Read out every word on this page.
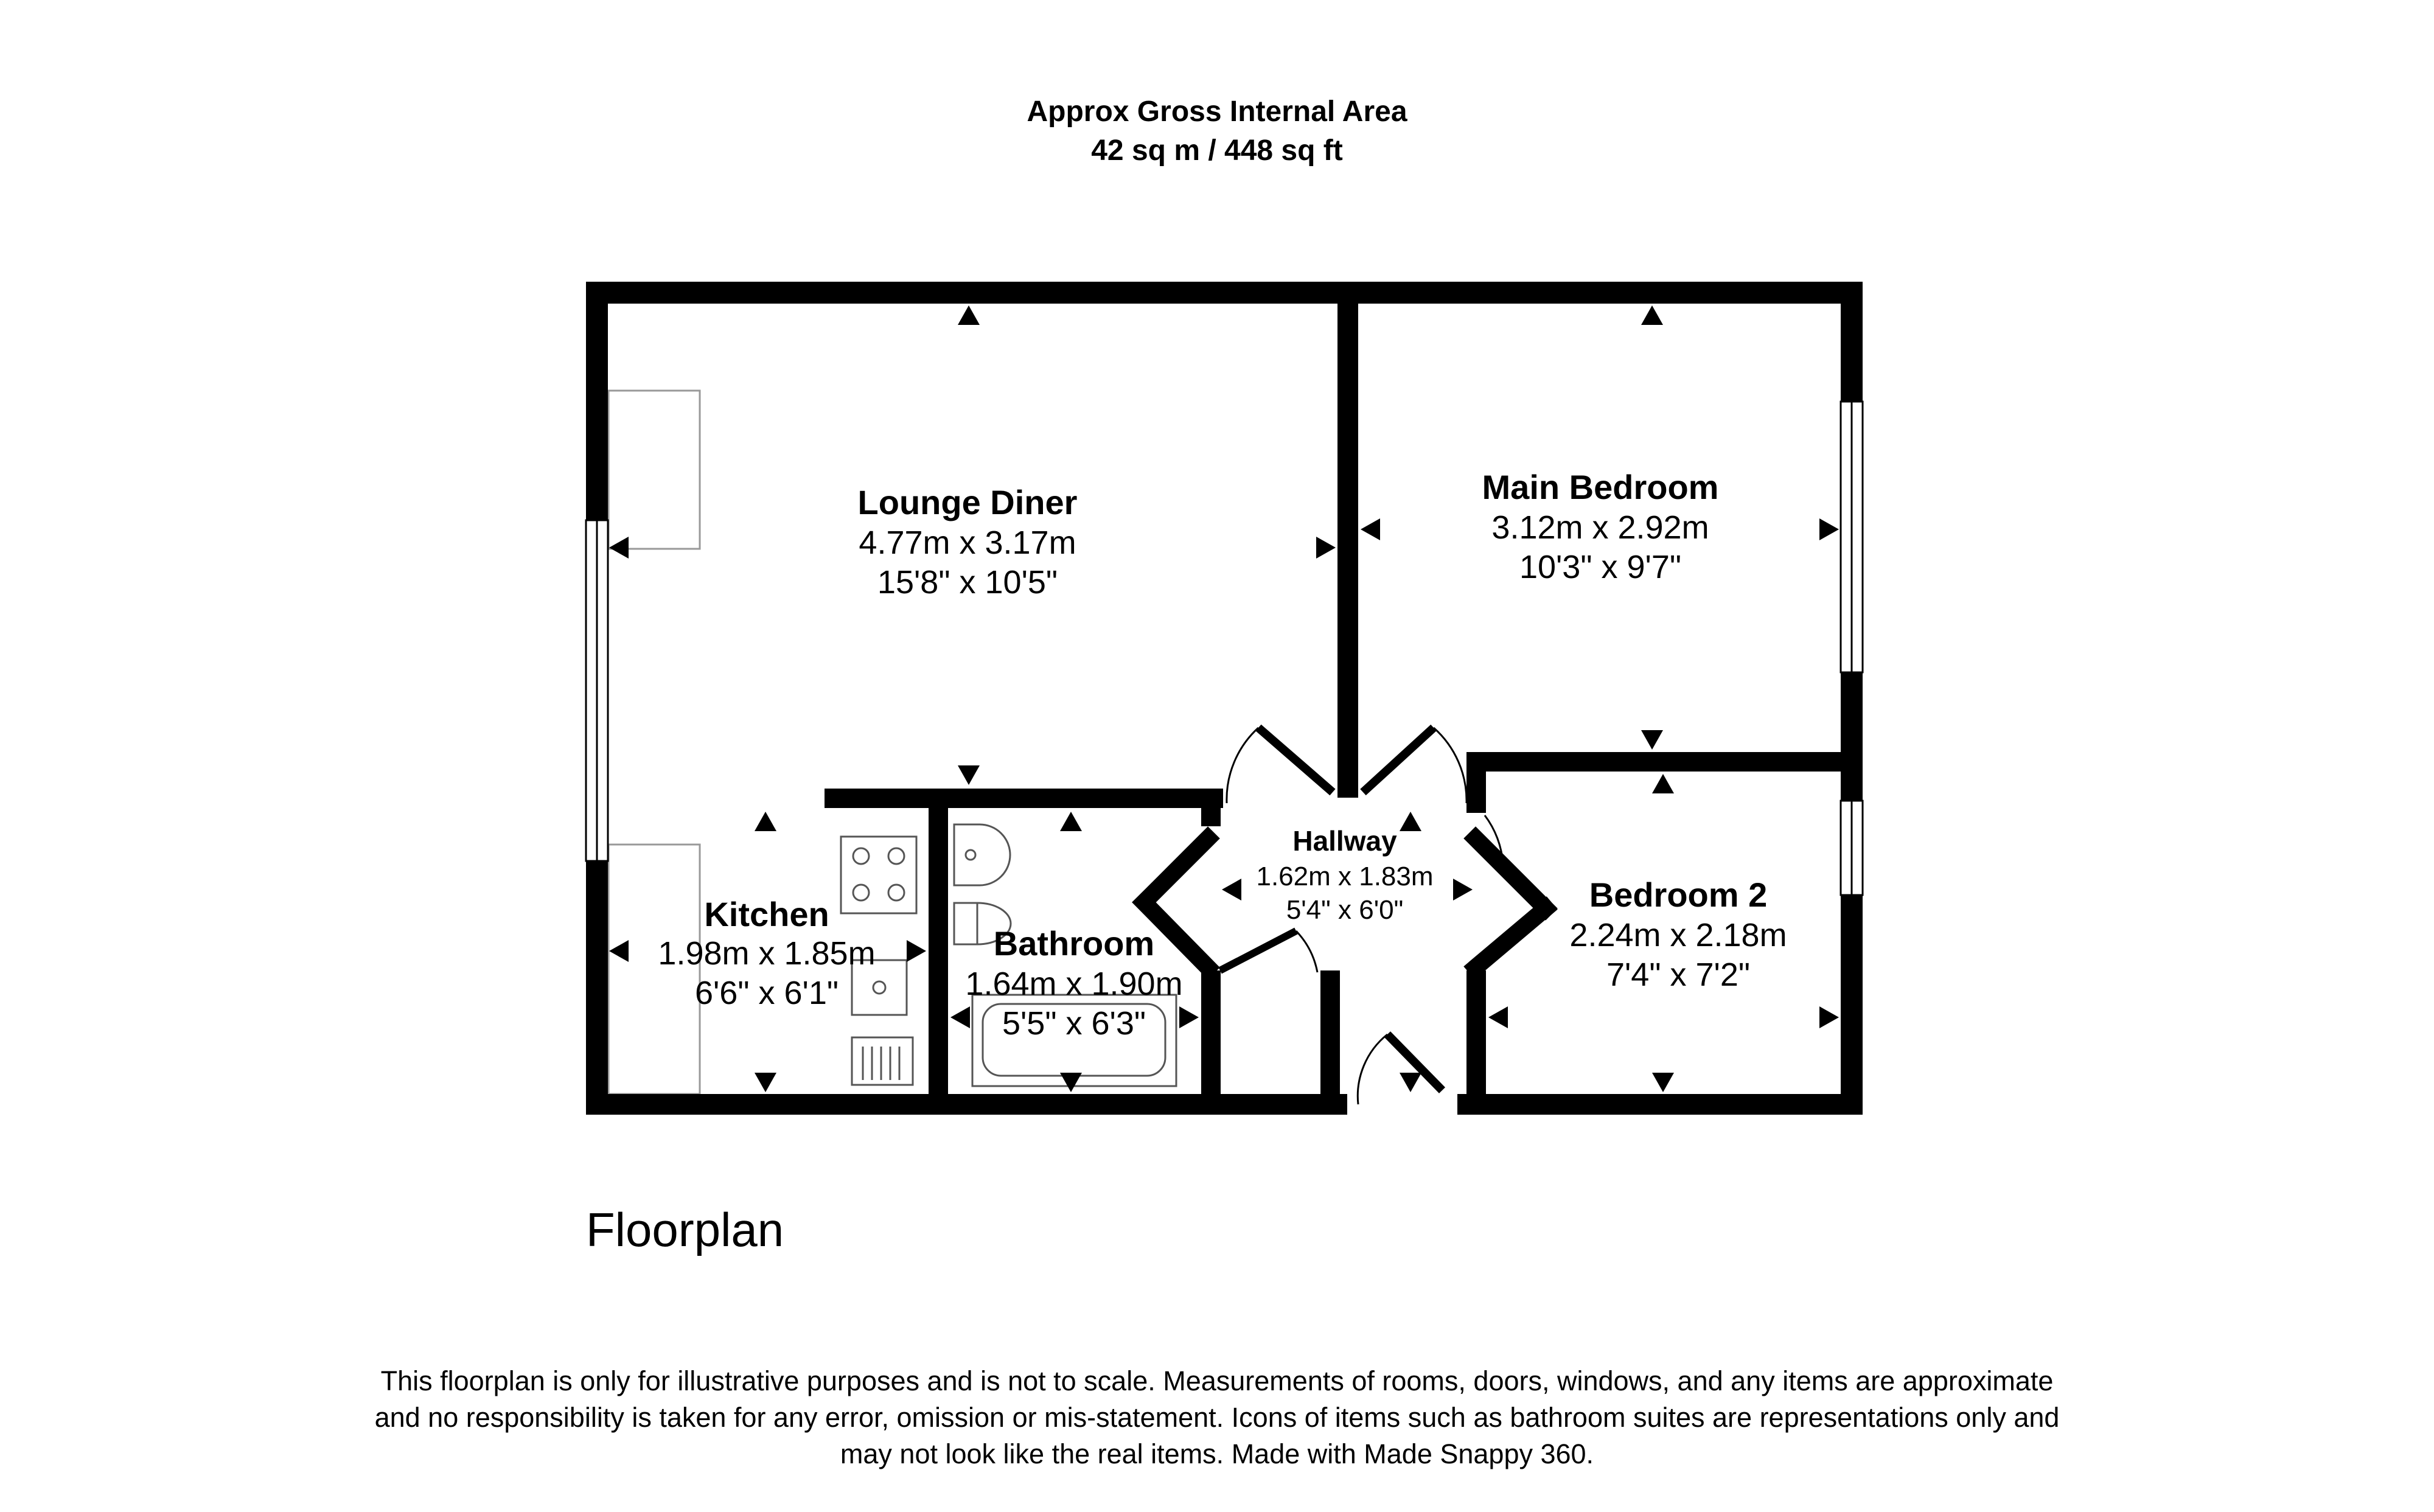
Approx Gross Internal Area
42 sq m / 448 sq ft
Lounge Diner
4.77m x 3.17m
15'8" x 10'5"
Main Bedroom
3.12m x 2.92m
10'3" x 9'7"
Hallway
1.62m x 1.83m
5'4" x 6'0"	Bedroom 2
2.24m x 2.18m
7'4" x 7'2"
Kitchen
1.98m x 1.85m
6'6" x 6'1"
Bathroom
1.64m x 1.90m
5'5" x 6'3"
Floorplan
This floorplan is only for illustrative purposes and is not to scale. Measurements of rooms, doors, windows, and any items are approximate
and no responsibility is taken for any error, omission or mis-statement. Icons of items such as bathroom suites are representations only and
may not look like the real items. Made with Made Snappy 360.
